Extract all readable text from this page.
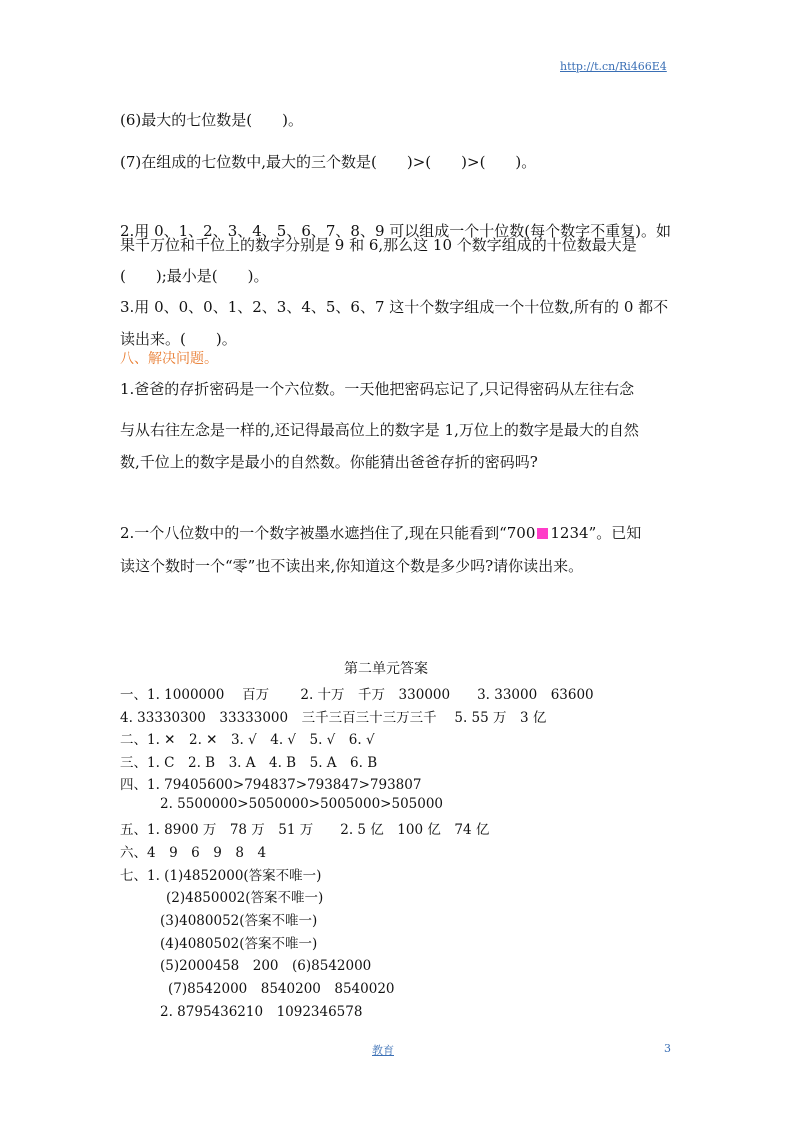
http://t.cn/Ri466E4
(6)最大的七位数是(　　)。
(7)在组成的七位数中,最大的三个数是(　　)>(　　)>(　　)。
2.用 0、1、2、3、4、5、6、7、8、9 可以组成一个十位数(每个数字不重复)。如
果千万位和千位上的数字分别是 9 和 6,那么这 10 个数字组成的十位数最大是
(　　);最小是(　　)。
3.用 0、0、0、1、2、3、4、5、6、7 这十个数字组成一个十位数,所有的 0 都不
读出来。(　　)。
八、解决问题。
1.爸爸的存折密码是一个六位数。一天他把密码忘记了,只记得密码从左往右念
与从右往左念是一样的,还记得最高位上的数字是 1,万位上的数字是最大的自然
数,千位上的数字是最小的自然数。你能猜出爸爸存折的密码吗?
2.一个八位数中的一个数字被墨水遮挡住了,现在只能看到“700 1234”。已知
读这个数时一个“零”也不读出来,你知道这个数是多少吗?请你读出来。
第二单元答案
一、1. 1000000　 百万　　 2. 十万　千万　330000　　3. 33000　63600
4. 33330300　33333000　三千三百三十三万三千　 5. 55 万　3 亿
二、1. ✕　2. ✕　3. √　4. √　5. √　6. √
三、1. C　2. B　3. A　4. B　5. A　6. B
四、1. 79405600>794837>793847>793807
2. 5500000>5050000>5005000>505000
五、1. 8900 万　78 万　51 万　　2. 5 亿　100 亿　74 亿
六、4　9　6　9　8　4
七、1. (1)4852000(答案不唯一)
(2)4850002(答案不唯一)
(3)4080052(答案不唯一)
(4)4080502(答案不唯一)
(5)2000458　200　(6)8542000
(7)8542000　8540200　8540020
2. 8795436210　1092346578
教育	3
